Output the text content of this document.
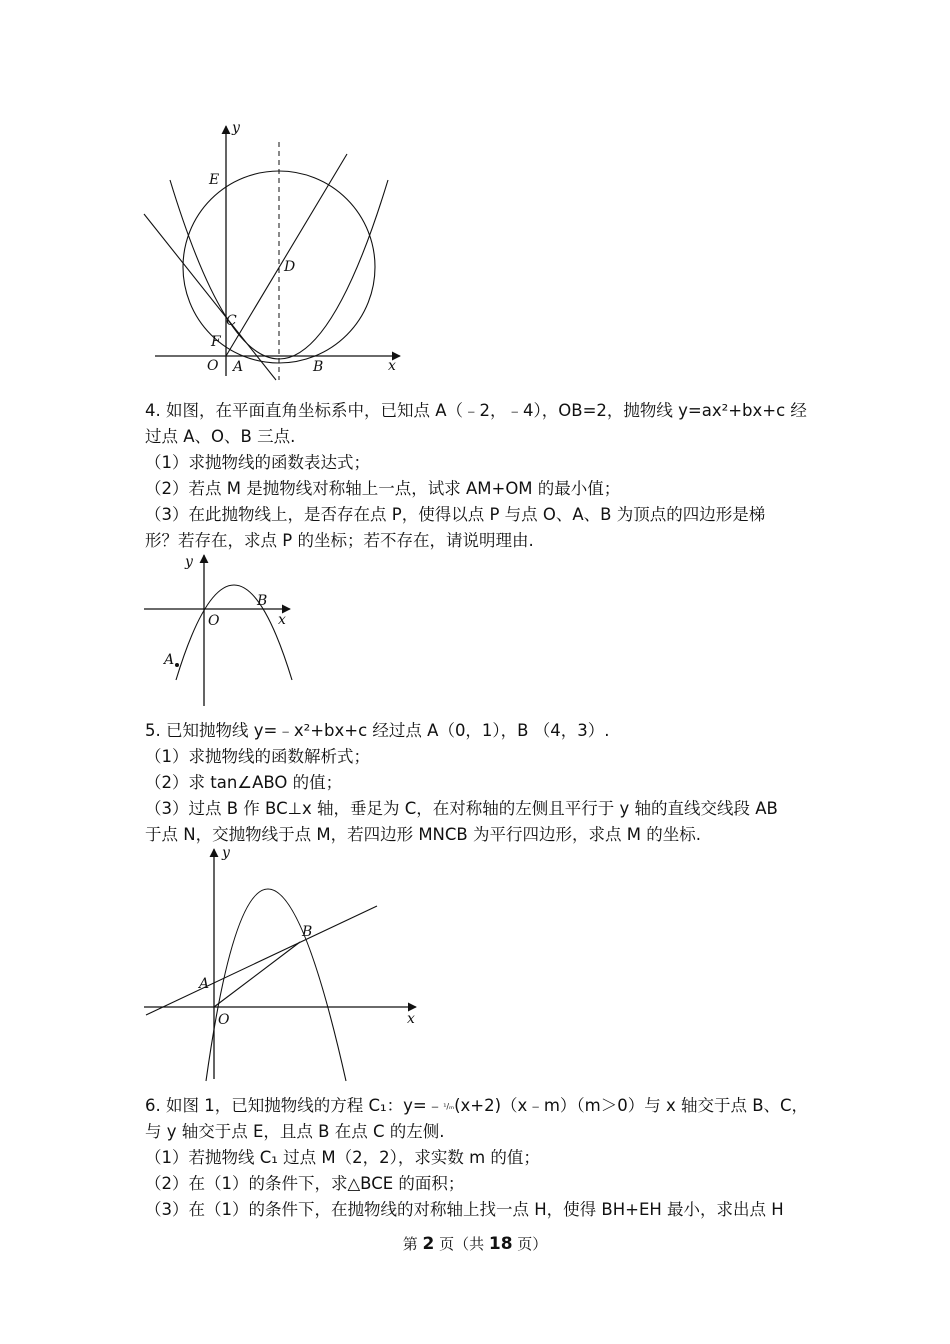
y
x
E
D
C
F
O A	B
4. 如图，在平面直角坐标系中，已知点 A（﹣2，﹣4），OB=2，抛物线 y=ax²+bx+c 经
过点 A、O、B 三点.
（1）求抛物线的函数表达式；
（2）若点 M 是抛物线对称轴上一点，试求 AM+OM 的最小值；
（3）在此抛物线上，是否存在点 P，使得以点 P 与点 O、A、B 为顶点的四边形是梯
形？若存在，求点 P 的坐标；若不存在，请说明理由.
y
x
B
O
A
5. 已知抛物线 y=﹣x²+bx+c 经过点 A（0，1），B （4，3）.
（1）求抛物线的函数解析式；
（2）求 tan∠ABO 的值；
（3）过点 B 作 BC⊥x 轴，垂足为 C，在对称轴的左侧且平行于 y 轴的直线交线段 AB
于点 N，交抛物线于点 M，若四边形 MNCB 为平行四边形，求点 M 的坐标.
y
x
A
O
B
6. 如图 1，已知抛物线的方程 C₁：y=﹣¹/ₘ(x+2)（x﹣m）（m＞0）与 x 轴交于点 B、C，
与 y 轴交于点 E，且点 B 在点 C 的左侧.
（1）若抛物线 C₁ 过点 M（2，2），求实数 m 的值；
（2）在（1）的条件下，求△BCE 的面积；
（3）在（1）的条件下，在抛物线的对称轴上找一点 H，使得 BH+EH 最小，求出点 H
第 2 页（共 18 页）
